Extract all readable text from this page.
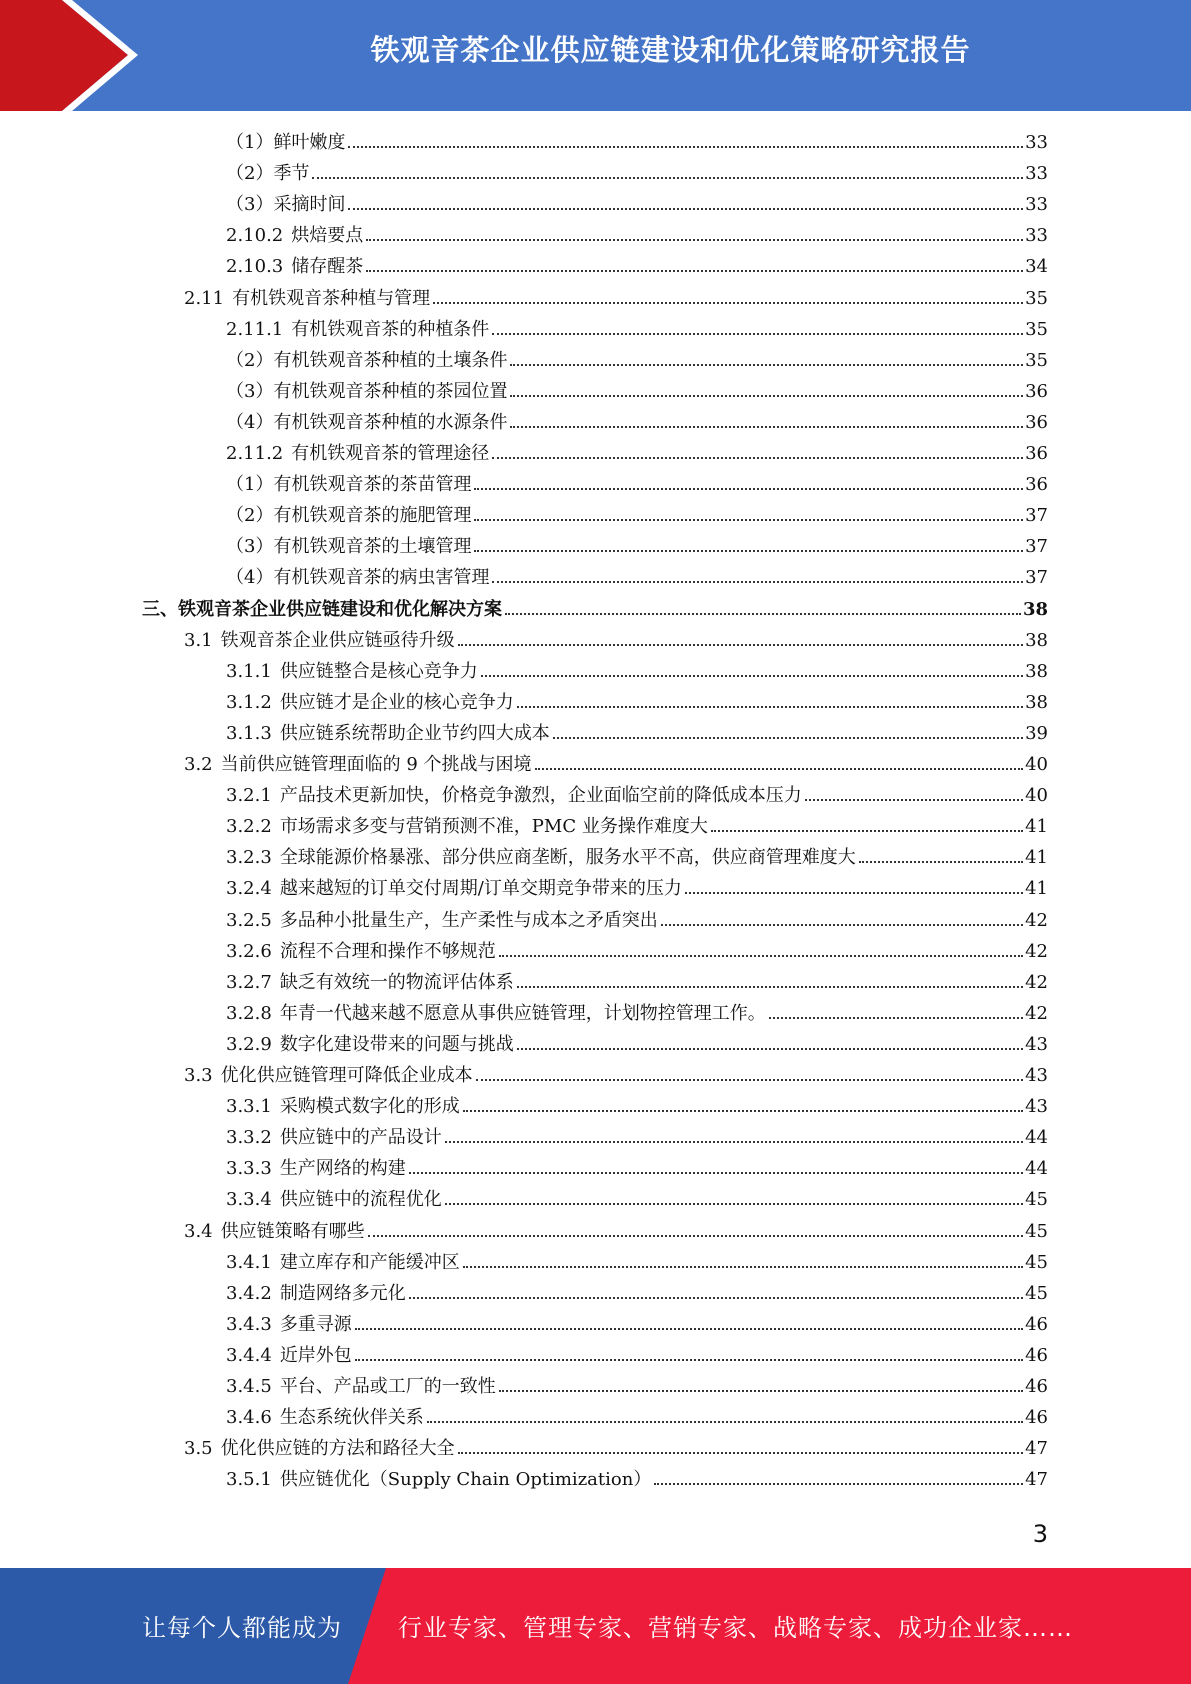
铁观音茶企业供应链建设和优化策略研究报告
（1）鲜叶嫩度	33
（2）季节	33
（3）采摘时间	33
2.10.2 烘焙要点	33
2.10.3 储存醒茶	34
2.11 有机铁观音茶种植与管理	35
2.11.1 有机铁观音茶的种植条件	35
（2）有机铁观音茶种植的土壤条件	35
（3）有机铁观音茶种植的茶园位置	36
（4）有机铁观音茶种植的水源条件	36
2.11.2 有机铁观音茶的管理途径	36
（1）有机铁观音茶的茶苗管理	36
（2）有机铁观音茶的施肥管理	37
（3）有机铁观音茶的土壤管理	37
（4）有机铁观音茶的病虫害管理	37
三、铁观音茶企业供应链建设和优化解决方案	38
3.1 铁观音茶企业供应链亟待升级	38
3.1.1 供应链整合是核心竞争力	38
3.1.2 供应链才是企业的核心竞争力	38
3.1.3 供应链系统帮助企业节约四大成本	39
3.2 当前供应链管理面临的 9 个挑战与困境	40
3.2.1 产品技术更新加快，价格竞争激烈，企业面临空前的降低成本压力	40
3.2.2 市场需求多变与营销预测不准，PMC 业务操作难度大	41
3.2.3 全球能源价格暴涨、部分供应商垄断，服务水平不高，供应商管理难度大	41
3.2.4 越来越短的订单交付周期/订单交期竞争带来的压力	41
3.2.5 多品种小批量生产，生产柔性与成本之矛盾突出	42
3.2.6 流程不合理和操作不够规范	42
3.2.7 缺乏有效统一的物流评估体系	42
3.2.8 年青一代越来越不愿意从事供应链管理，计划物控管理工作。	42
3.2.9 数字化建设带来的问题与挑战	43
3.3 优化供应链管理可降低企业成本	43
3.3.1 采购模式数字化的形成	43
3.3.2 供应链中的产品设计	44
3.3.3 生产网络的构建	44
3.3.4 供应链中的流程优化	45
3.4 供应链策略有哪些	45
3.4.1 建立库存和产能缓冲区	45
3.4.2 制造网络多元化	45
3.4.3 多重寻源	46
3.4.4 近岸外包	46
3.4.5 平台、产品或工厂的一致性	46
3.4.6 生态系统伙伴关系	46
3.5 优化供应链的方法和路径大全	47
3.5.1 供应链优化（Supply Chain Optimization）	47
3
让每个人都能成为 行业专家、管理专家、营销专家、战略专家、成功企业家……
